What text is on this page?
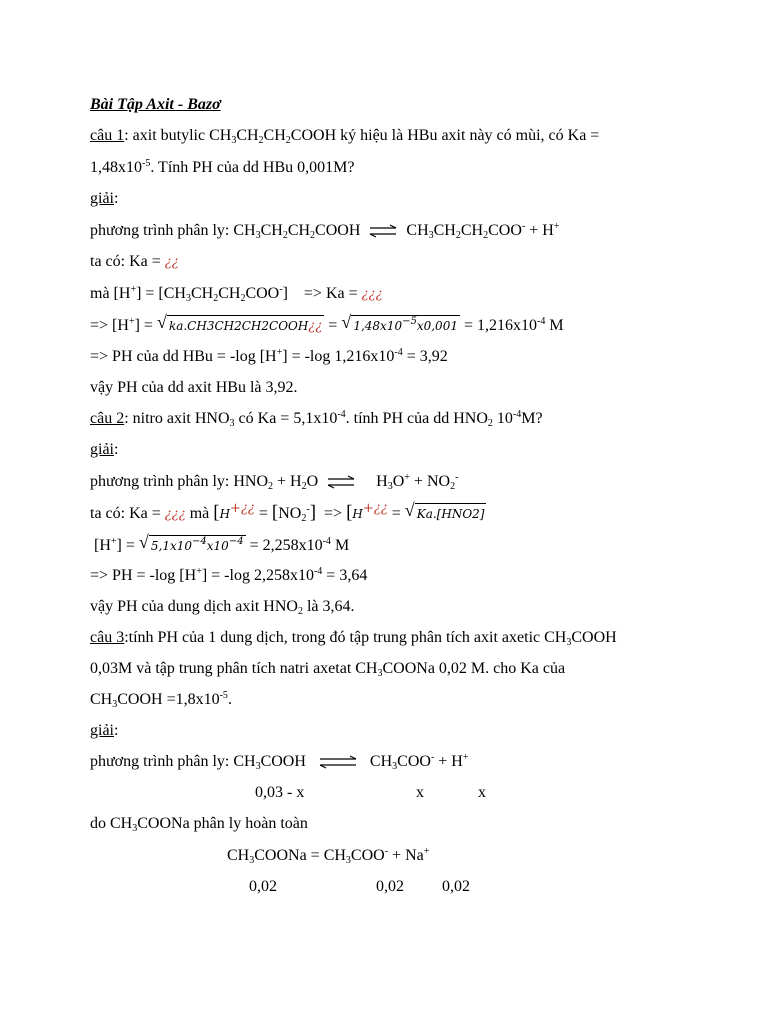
Bài Tập Axit - Bazơ
câu 1: axit butylic $CH_3CH_2CH_2COOH$ ký hiệu là HBu axit này có mùi, có Ka =
$1,48x10^{-5}$. Tính PH của dd HBu 0,001M?
giải:
phương trình phân ly: $CH_3CH_2CH_2COOH$ ⇌ $CH_3CH_2CH_2COO^- + H^+$
ta có: Ka = ¿¿
mà $[H^+] = [CH_3CH_2CH_2COO^-]$    => Ka = ¿¿¿
=> [H+] = √ ka.CH3CH2CH2COOH¿¿ = √ $1,48x10^{-5}x0,001 = 1,216x10^{-4}$ M
=> PH của dd HBu = -log [H+] = -log $1,216x10^{-4} = 3,92$
vậy PH của dd axit HBu là 3,92.
câu 2: nitro axit $HNO_3$ có $Ka = 5,1x10^{-4}$. tính PH của dd $HNO_2$ $10^{-4}M$?
giải:
phương trình phân ly: $HNO_2 + H_2O$ ⇌ $H_3O^+ + NO_2^-$
ta có: Ka = ¿¿¿ mà [$H^{+¿¿} = [NO_2^-] => [H^{+¿¿}$ = √ Ka.[HNO2]
[H+] = √ $5,1x10^{-4}x10^{-4} = 2,258x10^{-4}$ M
=> PH = -log [H+] = -log $2,258x10^{-4} = 3,64$
vậy PH của dung dịch axit $HNO_2$ là 3,64.
câu 3:tính PH của 1 dung dịch, trong đó tập trung phân tích axit axetic $CH_3COOH$
0,03M và tập trung phân tích natri axetat $CH_3COONa$ 0,02 M. cho Ka của
$CH_3COOH =1,8x10^{-5}$.
giải:
phương trình phân ly: $CH_3COOH$ ⇌ $CH_3COO^- + H^+$
0,03 - x	x	x
do $CH_3COONa$ phân ly hoàn toàn
$CH_3COONa = CH_3COO^- + Na^+$
0,02	0,02 0,02
